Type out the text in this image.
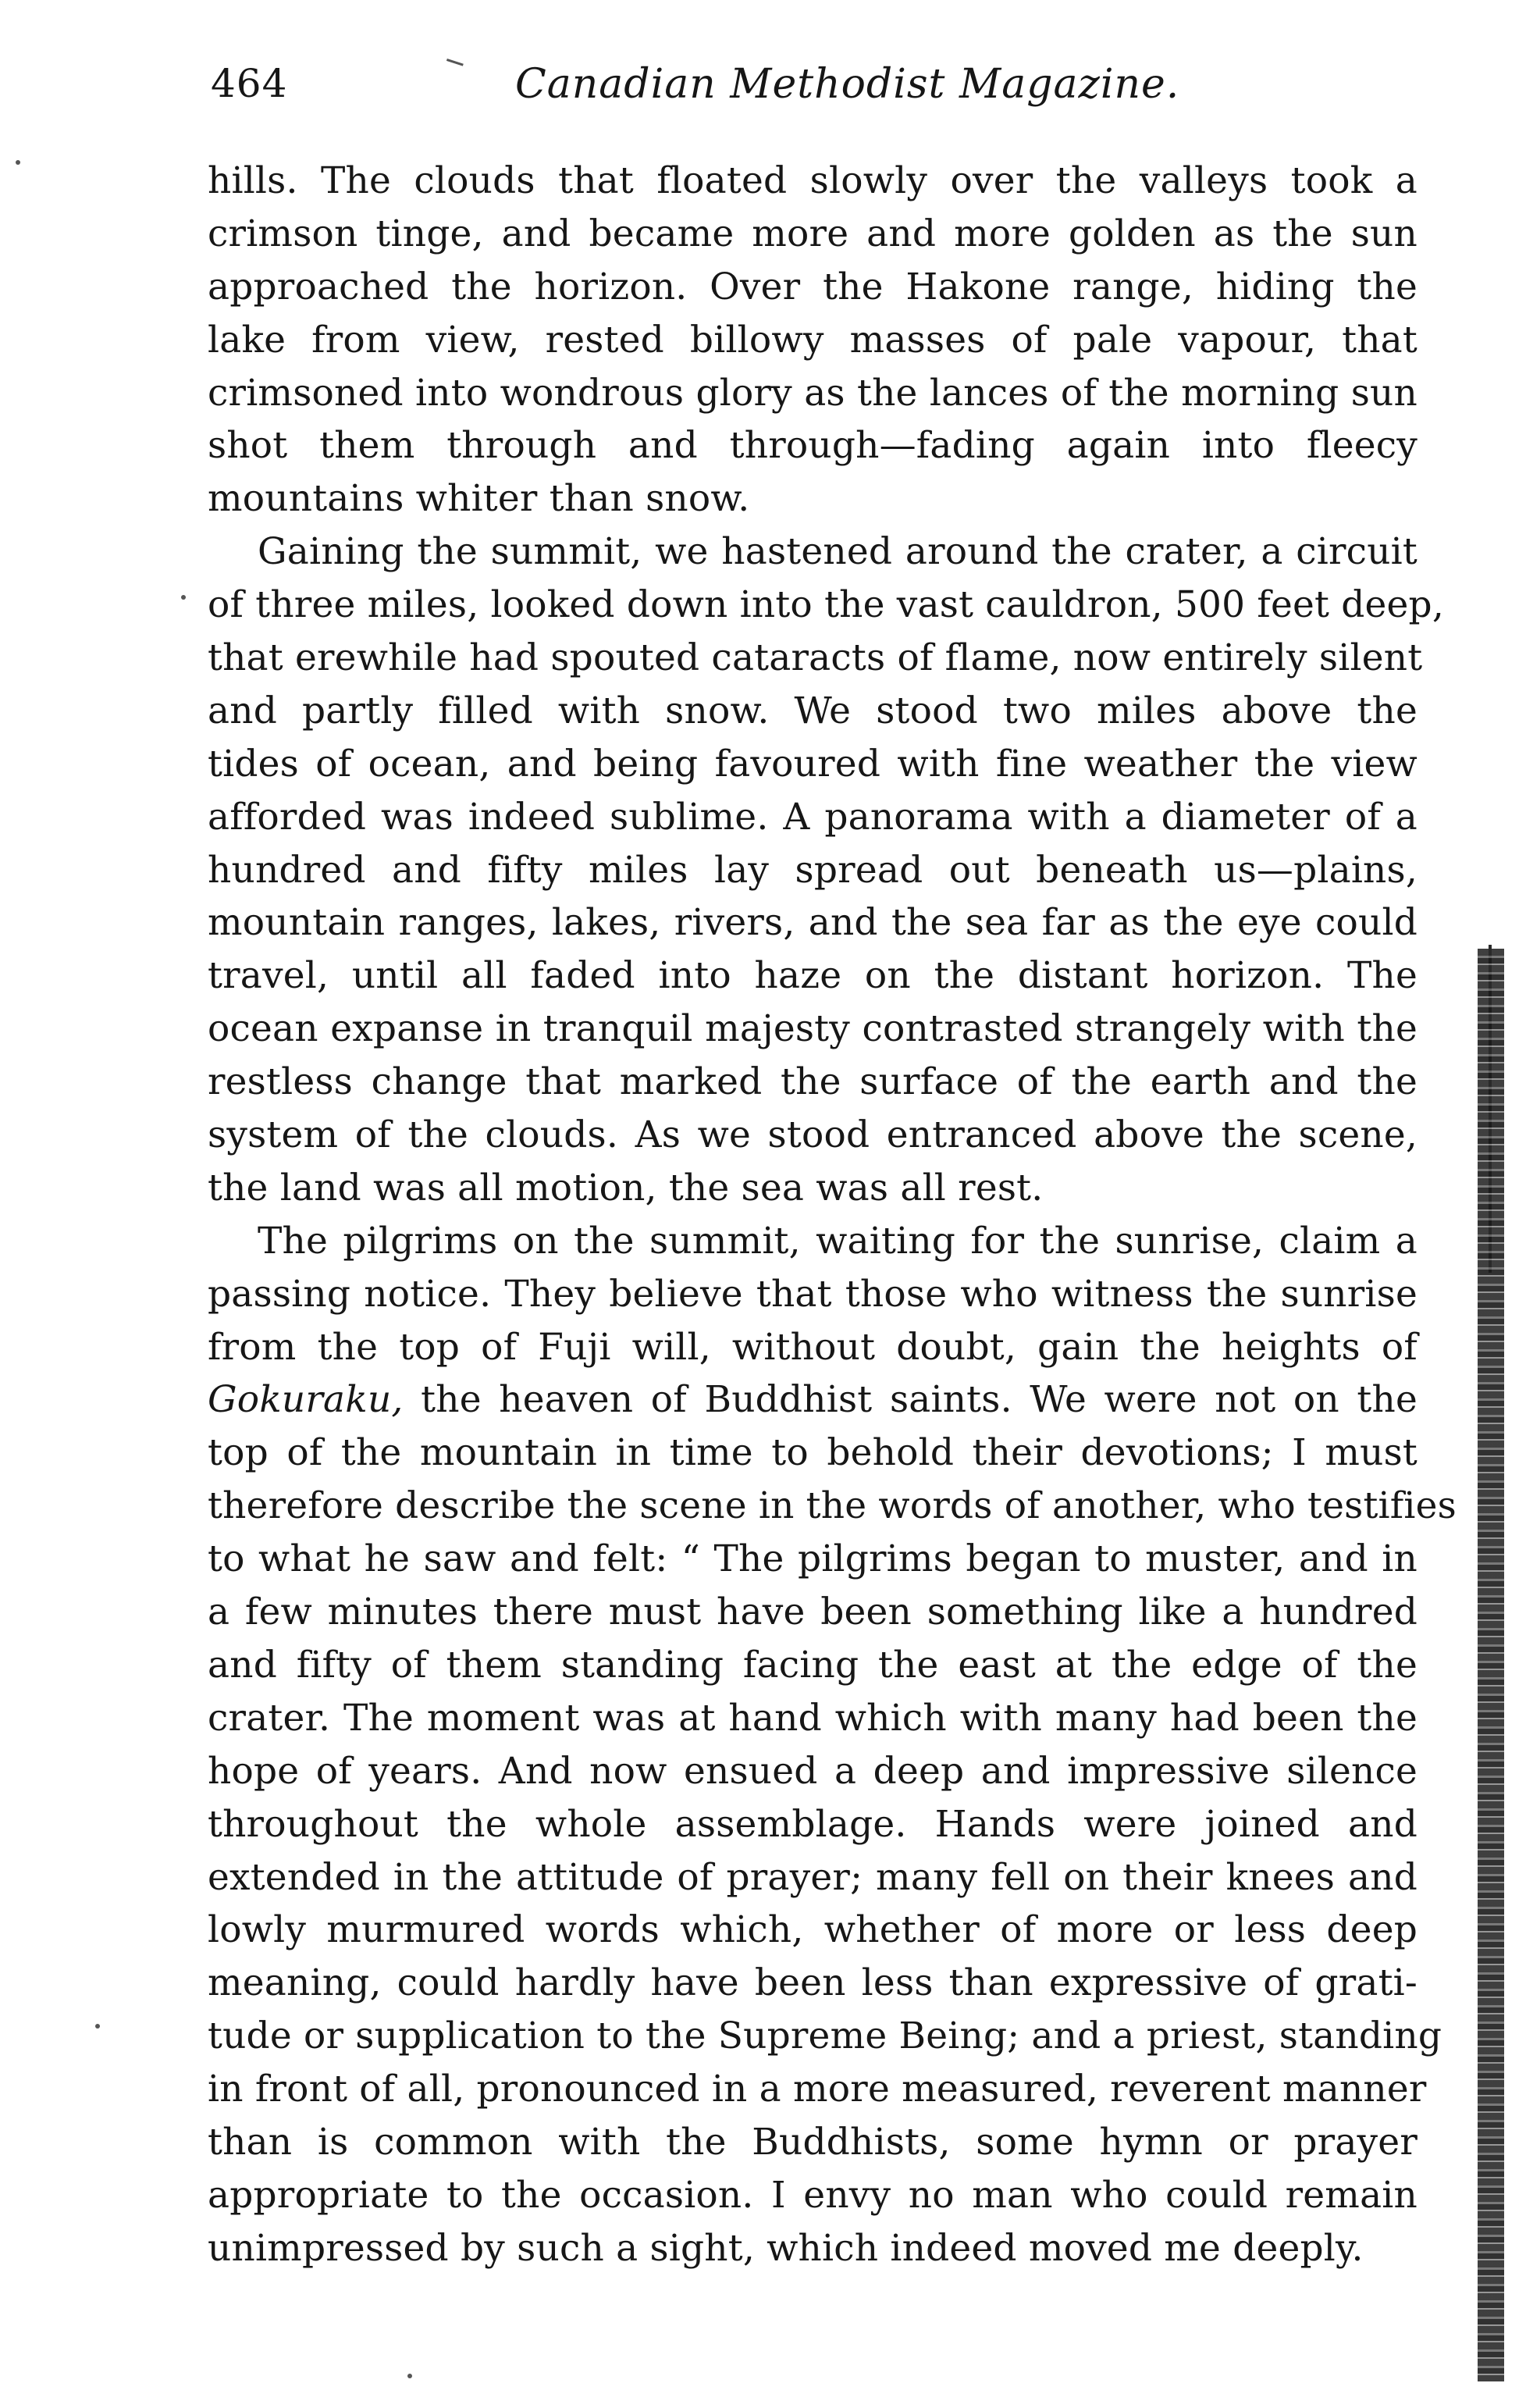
464	Canadian Methodist Magazine.
hills. The clouds that floated slowly over the valleys took a
crimson tinge, and became more and more golden as the sun
approached the horizon. Over the Hakone range, hiding the
lake from view, rested billowy masses of pale vapour, that
crimsoned into wondrous glory as the lances of the morning sun
shot them through and through—fading again into fleecy
mountains whiter than snow.
Gaining the summit, we hastened around the crater, a circuit
of three miles, looked down into the vast cauldron, 500 feet deep,
that erewhile had spouted cataracts of flame, now entirely silent
and partly filled with snow. We stood two miles above the
tides of ocean, and being favoured with fine weather the view
afforded was indeed sublime. A panorama with a diameter of a
hundred and fifty miles lay spread out beneath us—plains,
mountain ranges, lakes, rivers, and the sea far as the eye could
travel, until all faded into haze on the distant horizon. The
ocean expanse in tranquil majesty contrasted strangely with the
restless change that marked the surface of the earth and the
system of the clouds. As we stood entranced above the scene,
the land was all motion, the sea was all rest.
The pilgrims on the summit, waiting for the sunrise, claim a
passing notice. They believe that those who witness the sunrise
from the top of Fuji will, without doubt, gain the heights of
Gokuraku, the heaven of Buddhist saints. We were not on the
top of the mountain in time to behold their devotions; I must
therefore describe the scene in the words of another, who testifies
to what he saw and felt: “ The pilgrims began to muster, and in
a few minutes there must have been something like a hundred
and fifty of them standing facing the east at the edge of the
crater. The moment was at hand which with many had been the
hope of years. And now ensued a deep and impressive silence
throughout the whole assemblage. Hands were joined and
extended in the attitude of prayer; many fell on their knees and
lowly murmured words which, whether of more or less deep
meaning, could hardly have been less than expressive of grati-
tude or supplication to the Supreme Being; and a priest, standing
in front of all, pronounced in a more measured, reverent manner
than is common with the Buddhists, some hymn or prayer
appropriate to the occasion. I envy no man who could remain
unimpressed by such a sight, which indeed moved me deeply.
